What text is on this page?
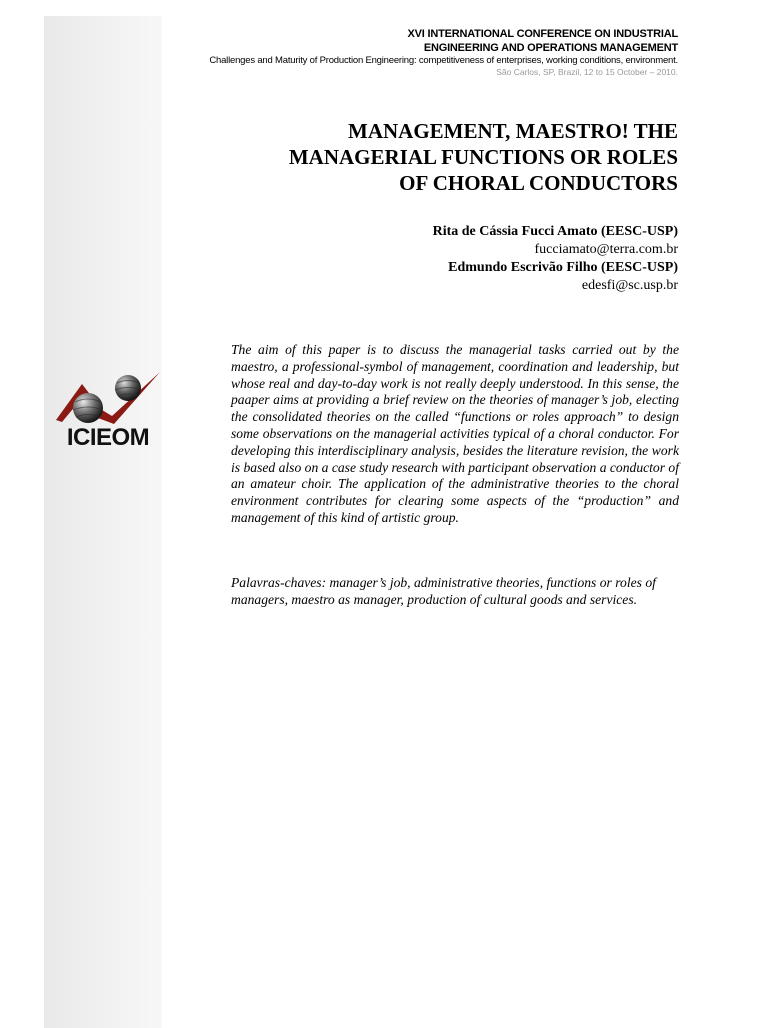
XVI INTERNATIONAL CONFERENCE ON INDUSTRIAL
ENGINEERING AND OPERATIONS MANAGEMENT
Challenges and Maturity of Production Engineering: competitiveness of enterprises, working conditions, environment.
São Carlos, SP, Brazil, 12 to 15 October – 2010.
ICIEOM
MANAGEMENT, MAESTRO! THE
MANAGERIAL FUNCTIONS OR ROLES
OF CHORAL CONDUCTORS
Rita de Cássia Fucci Amato (EESC-USP)
fucciamato@terra.com.br
Edmundo Escrivão Filho (EESC-USP)
edesfi@sc.usp.br
The aim of this paper is to discuss the managerial tasks carried out by the maestro, a professional-symbol of management, coordination and leadership, but whose real and day-to-day work is not really deeply understood. In this sense, the paaper aims at providing a brief review on the theories of manager’s job, electing the consolidated theories on the called “functions or roles approach” to design some observations on the managerial activities typical of a choral conductor. For developing this interdisciplinary analysis, besides the literature revision, the work is based also on a case study research with participant observation a conductor of an amateur choir. The application of the administrative theories to the choral environment contributes for clearing some aspects of the “production” and management of this kind of artistic group.
Palavras-chaves: manager’s job, administrative theories, functions or roles of managers, maestro as manager, production of cultural goods and services.
